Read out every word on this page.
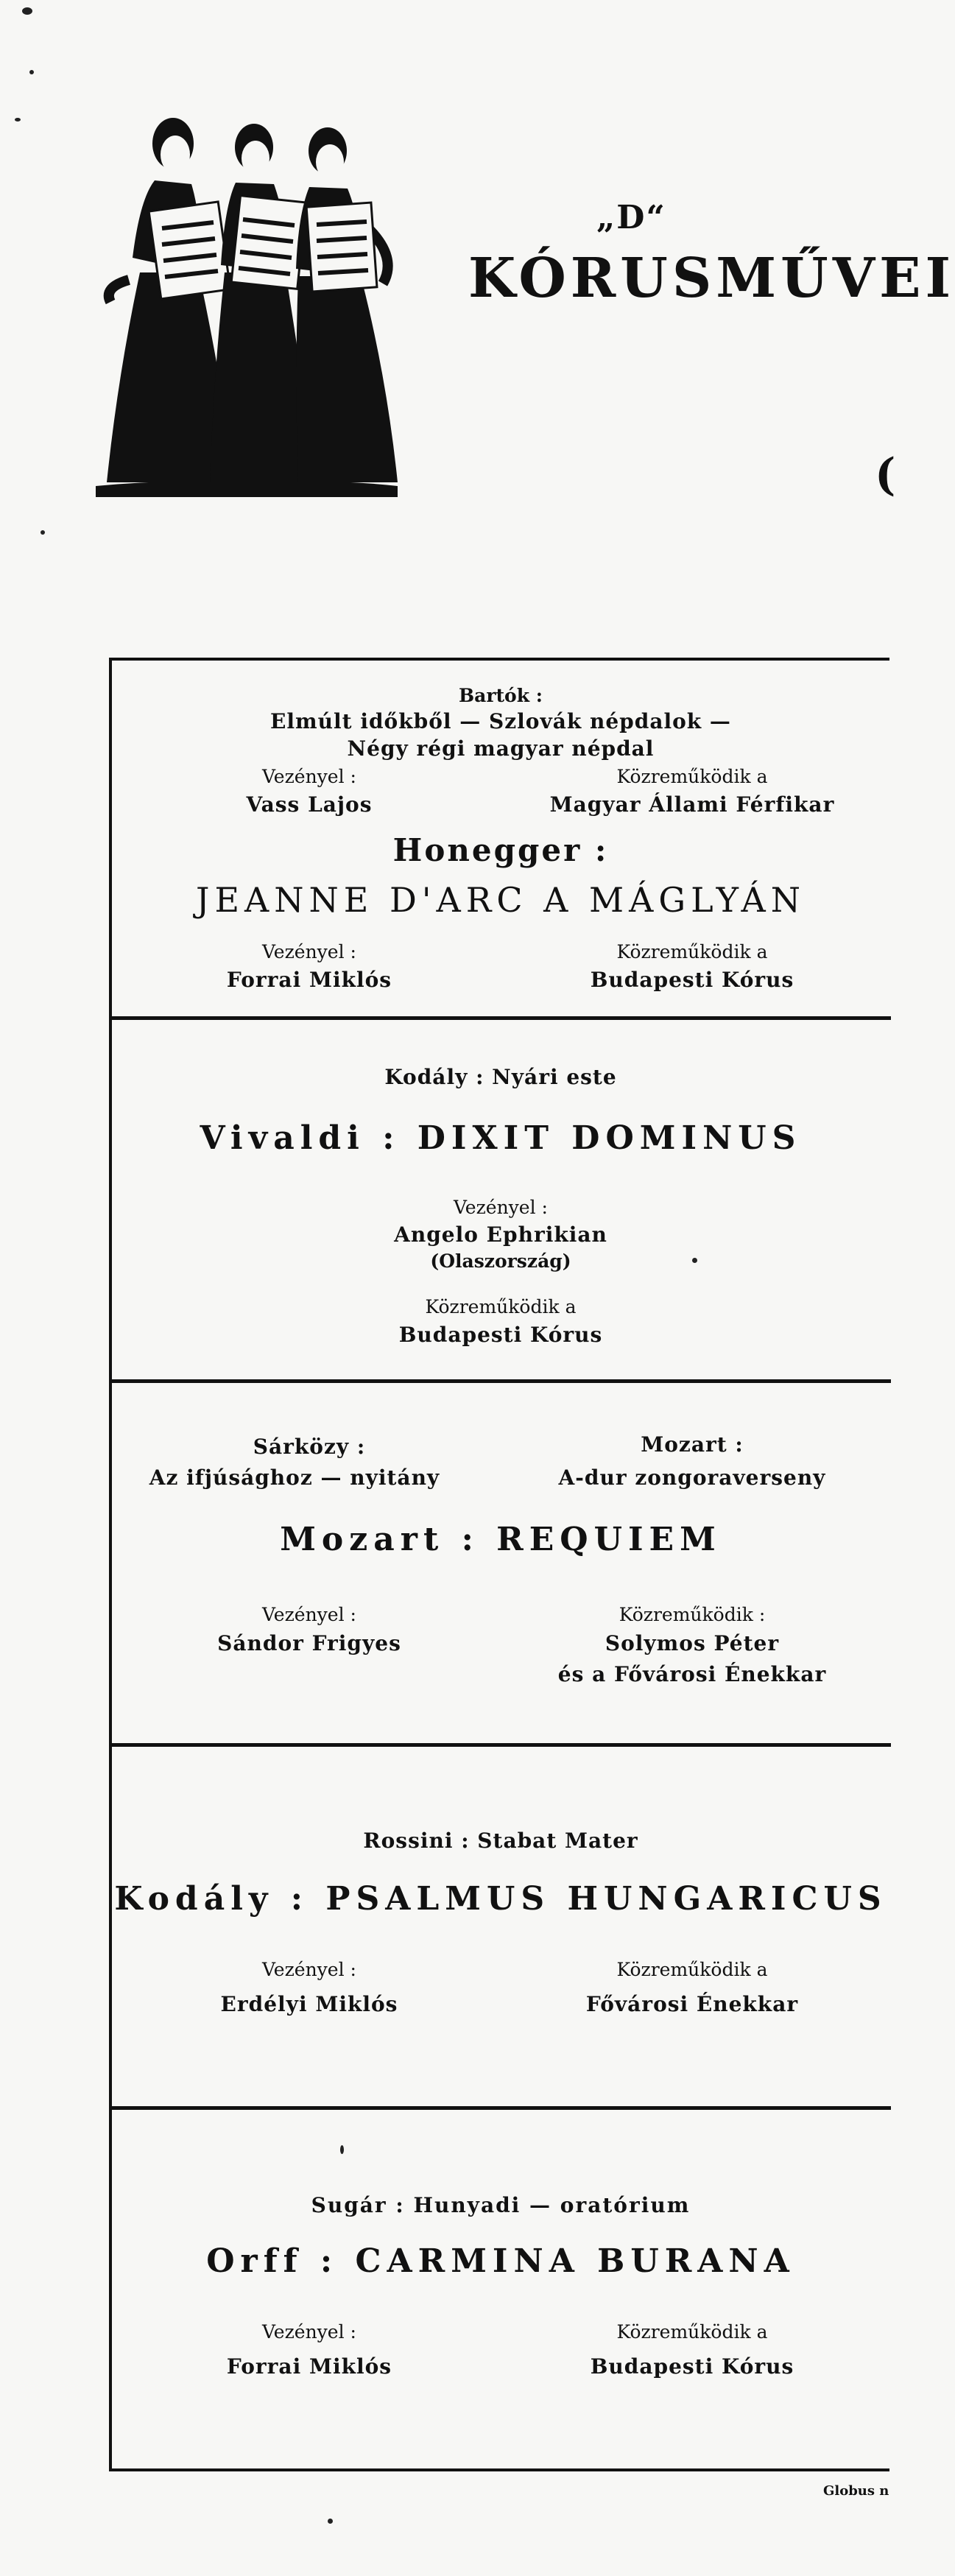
„D“
KÓRUSMŰVEI
(
Bartók :
Elmúlt időkből — Szlovák népdalok —
Négy régi magyar népdal
Vezényel :
Vass Lajos
Közreműködik a
Magyar Állami Férfikar
Honegger :
JEANNE D'ARC A MÁGLYÁN
Vezényel :
Forrai Miklós
Közreműködik a
Budapesti Kórus
Kodály : Nyári este
Vivaldi : DIXIT DOMINUS
Vezényel :
Angelo Ephrikian
(Olaszország)
Közreműködik a
Budapesti Kórus
Sárközy :
Az ifjúsághoz — nyitány
Mozart :
A-dur zongoraverseny
Mozart : REQUIEM
Vezényel :
Sándor Frigyes
Közreműködik :
Solymos Péter
és a Fővárosi Énekkar
Rossini : Stabat Mater
Kodály : PSALMUS HUNGARICUS
Vezényel :
Erdélyi Miklós
Közreműködik a
Fővárosi Énekkar
Sugár : Hunyadi — oratórium
Orff : CARMINA BURANA
Vezényel :
Forrai Miklós
Közreműködik a
Budapesti Kórus
Globus n
